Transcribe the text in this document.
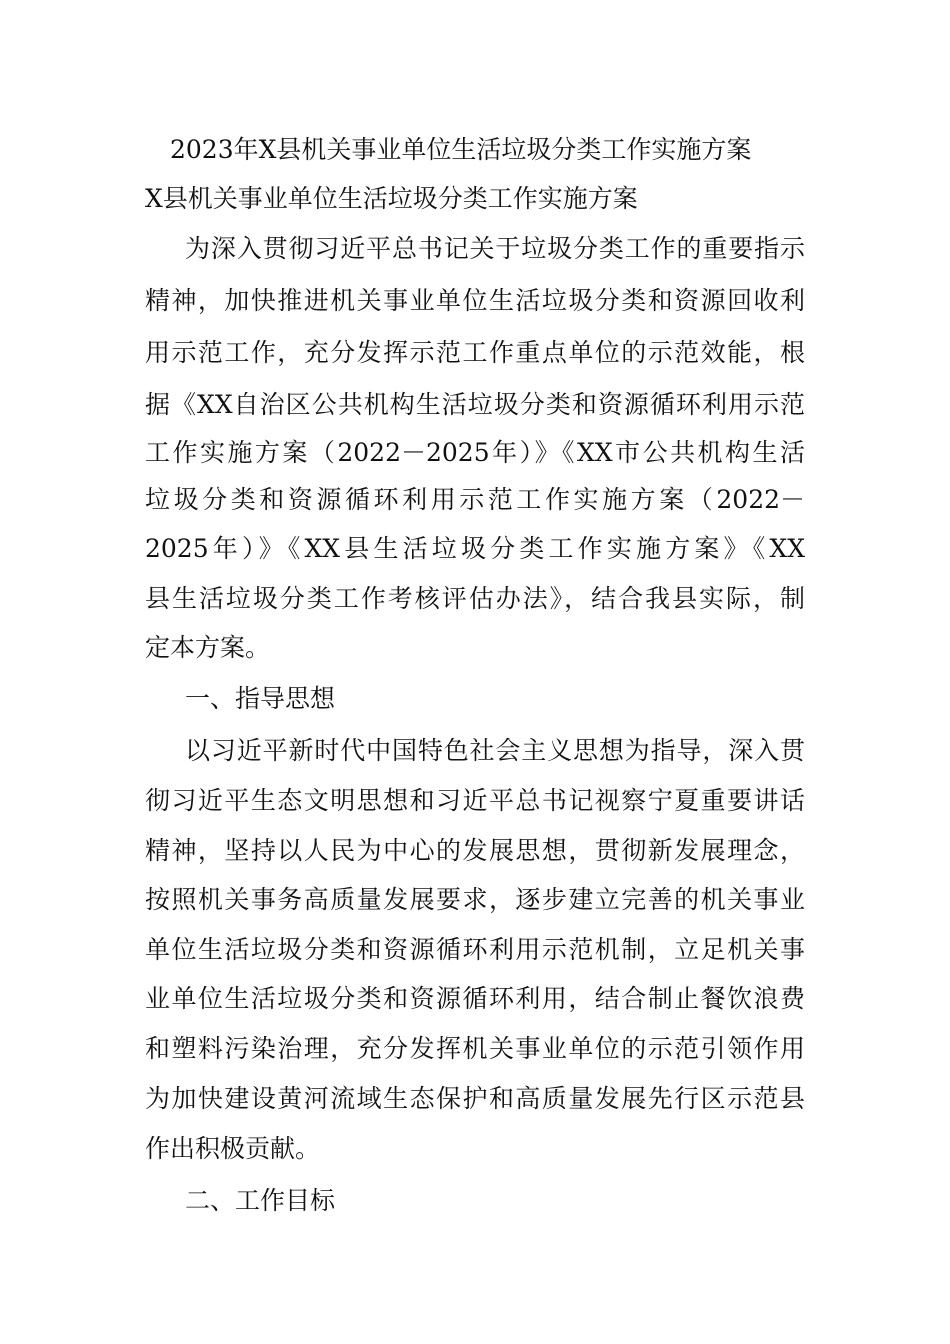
2023年X县机关事业单位生活垃圾分类工作实施方案
X县机关事业单位生活垃圾分类工作实施方案
为深入贯彻习近平总书记关于垃圾分类工作的重要指示
精神，加快推进机关事业单位生活垃圾分类和资源回收利
用示范工作，充分发挥示范工作重点单位的示范效能，根
据《XX自治区公共机构生活垃圾分类和资源循环利用示范
工作实施方案（2022－2025年）》《XX市公共机构生活
垃圾分类和资源循环利用示范工作实施方案（2022－
2025年）》《XX县生活垃圾分类工作实施方案》《XX
县生活垃圾分类工作考核评估办法》，结合我县实际，制
定本方案。
一、指导思想
以习近平新时代中国特色社会主义思想为指导，深入贯
彻习近平生态文明思想和习近平总书记视察宁夏重要讲话
精神，坚持以人民为中心的发展思想，贯彻新发展理念，
按照机关事务高质量发展要求，逐步建立完善的机关事业
单位生活垃圾分类和资源循环利用示范机制，立足机关事
业单位生活垃圾分类和资源循环利用，结合制止餐饮浪费
和塑料污染治理，充分发挥机关事业单位的示范引领作用
为加快建设黄河流域生态保护和高质量发展先行区示范县
作出积极贡献。
二、工作目标
